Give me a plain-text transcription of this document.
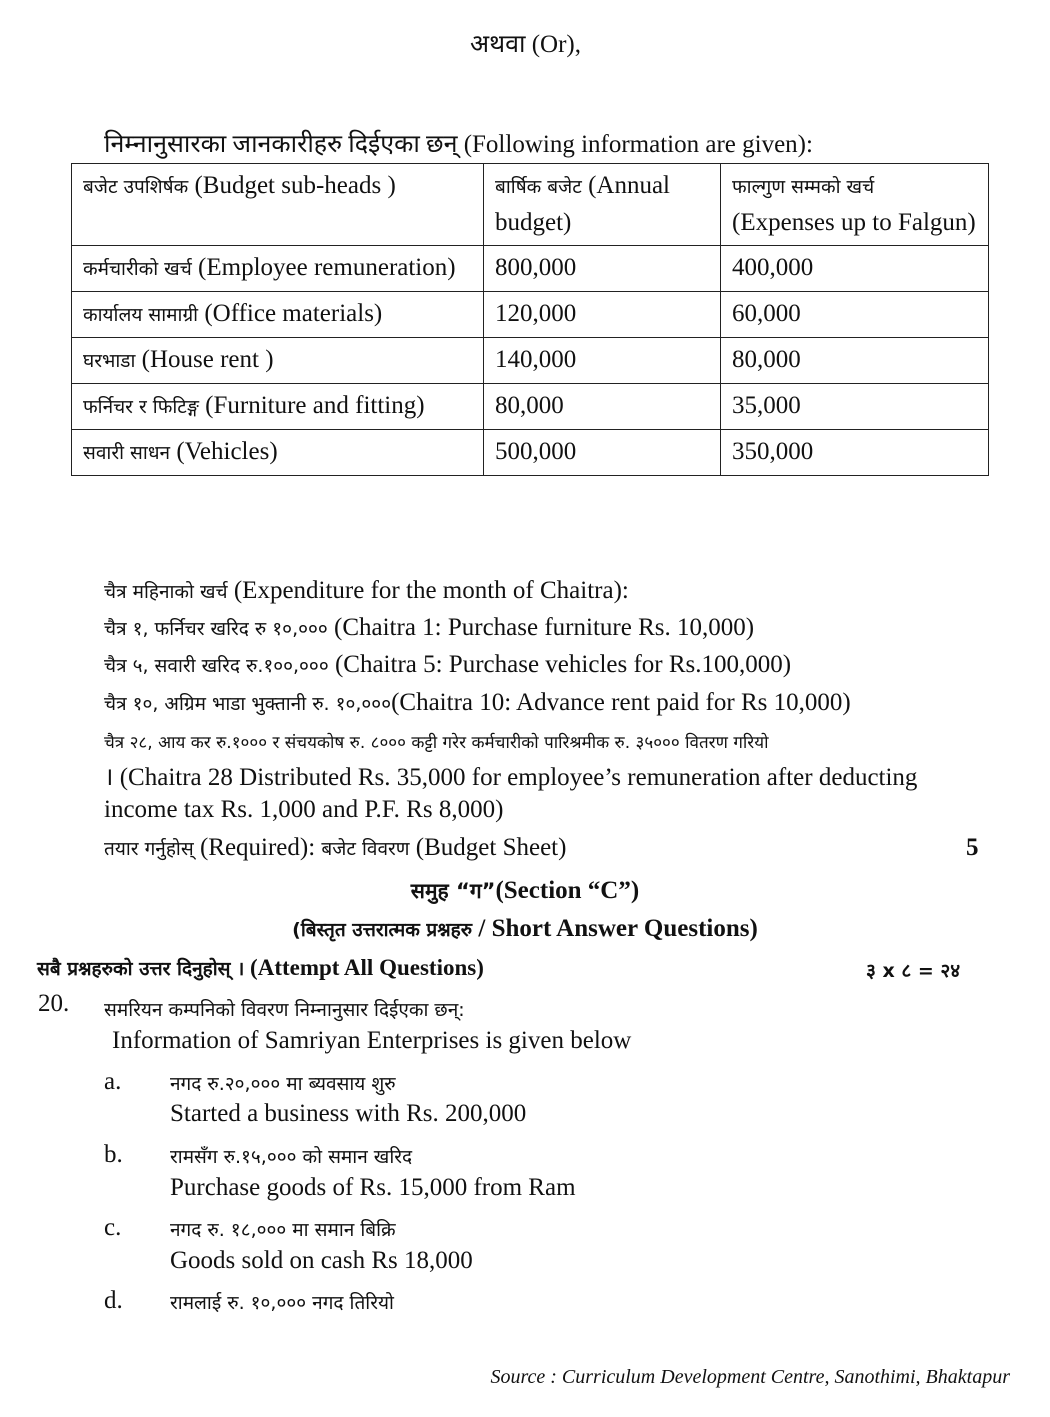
अथवा (Or),
निम्नानुसारका जानकारीहरु दिईएका छन् (Following information are given):
बजेट उपशिर्षक (Budget sub-heads )	बार्षिक बजेट (Annual budget)	फाल्गुण सम्मको खर्च
(Expenses up to Falgun)
कर्मचारीको खर्च (Employee remuneration)	800,000	400,000
कार्यालय सामाग्री (Office materials)	120,000	60,000
घरभाडा (House rent )	140,000	80,000
फर्निचर र फिटिङ्ग (Furniture and fitting)	80,000	35,000
सवारी साधन (Vehicles)	500,000	350,000
चैत्र महिनाको खर्च (Expenditure for the month of Chaitra):
चैत्र १, फर्निचर खरिद रु १०,००० (Chaitra 1: Purchase furniture Rs. 10,000)
चैत्र ५, सवारी खरिद रु.१००,००० (Chaitra 5: Purchase vehicles for Rs.100,000)
चैत्र १०, अग्रिम भाडा भुक्तानी रु. १०,०००(Chaitra 10: Advance rent paid for Rs 10,000)
चैत्र २८, आय कर रु.१००० र संचयकोष रु. ८००० कट्टी गरेर कर्मचारीको पारिश्रमीक रु. ३५००० वितरण गरियो
। (Chaitra 28 Distributed Rs. 35,000 for employee’s remuneration after deducting
income tax Rs. 1,000 and P.F. Rs 8,000)
तयार गर्नुहोस् (Required): बजेट विवरण (Budget Sheet)	5
समुह “ग”(Section “C”)
(बिस्तृत उत्तरात्मक प्रश्नहरु / Short Answer Questions)
सबै प्रश्नहरुको उत्तर दिनुहोस् । (Attempt All Questions)	३ x ८ = २४
20. समरियन कम्पनिको विवरण निम्नानुसार दिईएका छन्:
Information of Samriyan Enterprises is given below
a.	नगद रु.२०,००० मा ब्यवसाय शुरु
Started a business with Rs. 200,000
b. रामसँग रु.१५,००० को समान खरिद
Purchase goods of Rs. 15,000 from Ram
c.	नगद रु. १८,००० मा समान बिक्रि
Goods sold on cash Rs 18,000
d. रामलाई रु. १०,००० नगद तिरियो
Source : Curriculum Development Centre, Sanothimi, Bhaktapur
